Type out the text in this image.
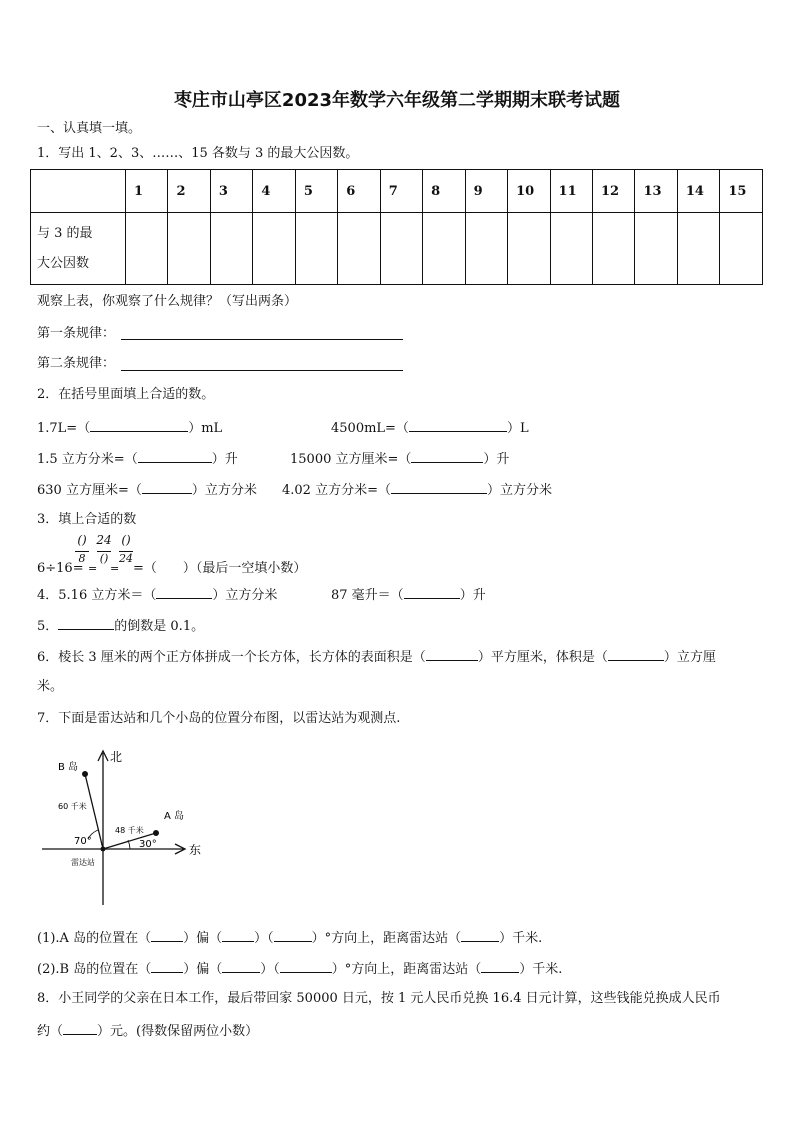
枣庄市山亭区2023年数学六年级第二学期期末联考试题
一、认真填一填。
1．写出 1、2、3、……、15 各数与 3 的最大公因数。
	1	2	3	4	5	6	7	8	9	10	11	12	13	14	15
与 3 的最
大公因数															
观察上表，你观察了什么规律？（写出两条）
第一条规律：
第二条规律：
2．在括号里面填上合适的数。
1.7L=（	）mL	4500mL=（	）L
1.5 立方分米=（	）升	15000 立方厘米=（	）升
630 立方厘米=（	）立方分米 4.02 立方分米=（	）立方分米
3．填上合适的数
()
8
24
()
()
24
6÷16= = = =（　　）（最后一空填小数）
4．5.16 立方米＝（	）立方分米	87 毫升＝（	）升
5．	的倒数是 0.1。
6．棱长 3 厘米的两个正方体拼成一个长方体，长方体的表面积是（	）平方厘米，体积是（	）立方厘
米。
7．下面是雷达站和几个小岛的位置分布图，以雷达站为观测点.
北
东
B 岛
A 岛
60 千米
48 千米
70°	30°
雷达站
(1).A 岛的位置在（ ）偏（ ）（	）°方向上，距离雷达站（	）千米.
(2).B 岛的位置在（ ）偏（	）（	）°方向上，距离雷达站（	）千米.
8．小王同学的父亲在日本工作，最后带回家 50000 日元，按 1 元人民币兑换 16.4 日元计算，这些钱能兑换成人民币
约（	）元。(得数保留两位小数）
